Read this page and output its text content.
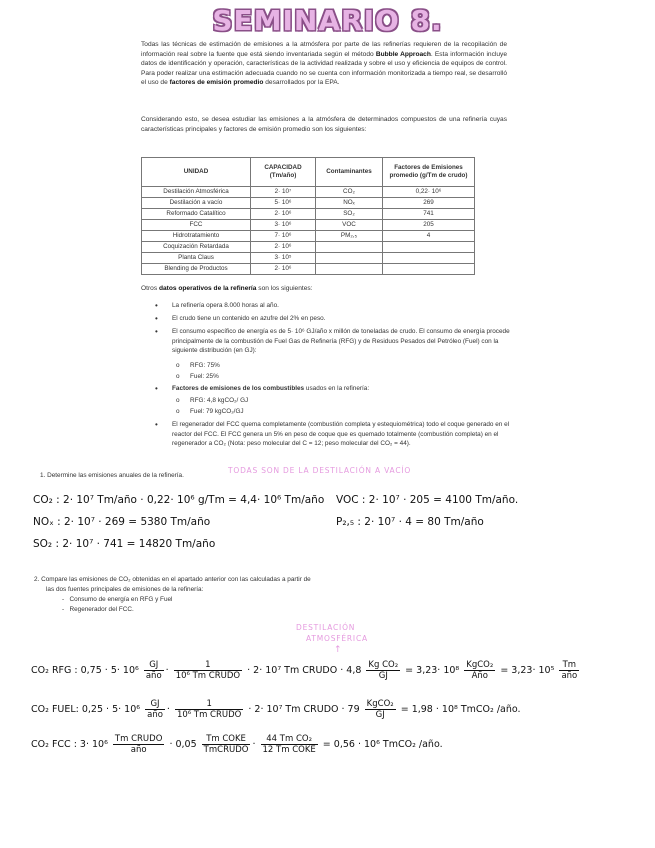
SEMINARIO 8.
Todas las técnicas de estimación de emisiones a la atmósfera por parte de las refinerías requieren de la recopilación de información real sobre la fuente que está siendo inventariada según el método Bubble Approach. Esta información incluye datos de identificación y operación, características de la actividad realizada y sobre el uso y eficiencia de equipos de control. Para poder realizar una estimación adecuada cuando no se cuenta con información monitorizada a tiempo real, se desarrolló el uso de factores de emisión promedio desarrollados por la EPA.
Considerando esto, se desea estudiar las emisiones a la atmósfera de determinados compuestos de una refinería cuyas características principales y factores de emisión promedio son los siguientes:
UNIDAD	CAPACIDAD (Tm/año)	Contaminantes	Factores de Emisiones promedio (g/Tm de crudo)
Destilación Atmosférica	2· 10⁷	CO₂	0,22· 10⁶
Destilación a vacío	5· 10⁶	NOₓ	269
Reformado Catalítico	2· 10⁶	SO₂	741
FCC	3· 10⁶	VOC	205
Hidrotratamiento	7· 10⁶	PM₂,₅	4
Coquización Retardada	2· 10⁶		
Planta Claus	3· 10⁵		
Blending de Productos	2· 10⁶		
Otros datos operativos de la refinería son los siguientes:
• La refinería opera 8.000 horas al año.
• El crudo tiene un contenido en azufre del 2% en peso.
• El consumo específico de energía es de 5· 10⁶ GJ/año x millón de toneladas de crudo. El consumo de energía procede principalmente de la combustión de Fuel Gas de Refinería (RFG) y de Residuos Pesados del Petróleo (Fuel) con la siguiente distribución (en GJ):
o RFG: 75%
o Fuel: 25%
• Factores de emisiones de los combustibles usados en la refinería:
o RFG: 4,8 kgCO₂/ GJ
o Fuel: 79 kgCO₂/GJ
• El regenerador del FCC quema completamente (combustión completa y estequiométrica) todo el coque generado en el reactor del FCC. El FCC genera un 5% en peso de coque que es quemado totalmente (combustión completa) en el regenerador a CO₂ (Nota: peso molecular del C = 12; peso molecular del CO₂ = 44).
1. Determine las emisiones anuales de la refinería.
TODAS SON DE LA DESTILACIÓN A VACÍO
CO₂ : 2· 10⁷ Tm/año · 0,22· 10⁶ g/Tm = 4,4· 10⁶ Tm/año VOC : 2· 10⁷ · 205 = 4100 Tm/año.
NOₓ : 2· 10⁷ · 269 = 5380 Tm/año	P₂,₅ : 2· 10⁷ · 4 = 80 Tm/año
SO₂ : 2· 10⁷ · 741 = 14820 Tm/año
2. Compare las emisiones de CO₂ obtenidas en el apartado anterior con las calculadas a partir de
las dos fuentes principales de emisiones de la refinería:
-   Consumo de energía en RFG y Fuel
-   Regenerador del FCC.
DESTILACIÓN
ATMOSFÉRICA
↑
CO₂ RFG : $0,75 \cdot 5\cdot 10^6 \frac{GJ}{\text{año}} \cdot \frac{1}{\text{10⁶ Tm CRUDO}} \cdot 2\cdot 10^7$ Tm CRUDO · $4,8 \frac{\text{Kg CO₂}}{GJ} = 3,23\cdot 10^8 \frac{\text{KgCO₂}}{\text{Año}} = 3,23\cdot 10^5 \frac{Tm}{\text{año}}$
CO₂ FUEL: $0,25 \cdot 5\cdot 10^6 \frac{GJ}{\text{año}} \cdot \frac{1}{\text{10⁶ Tm CRUDO}} \cdot 2\cdot 10^7$ Tm CRUDO · $79 \frac{\text{KgCO₂}}{GJ} = 1,98 \cdot 10^8$ TmCO₂ /año.
CO₂ FCC : $3\cdot 10^6 \frac{\text{Tm CRUDO}}{\text{año}} \cdot 0,05 \frac{\text{Tm COKE}}{\text{TmCRUDO}} \cdot \frac{\text{44 Tm CO₂}}{\text{12 Tm COKE}} = 0,56 \cdot 10^6$ TmCO₂ /año.
